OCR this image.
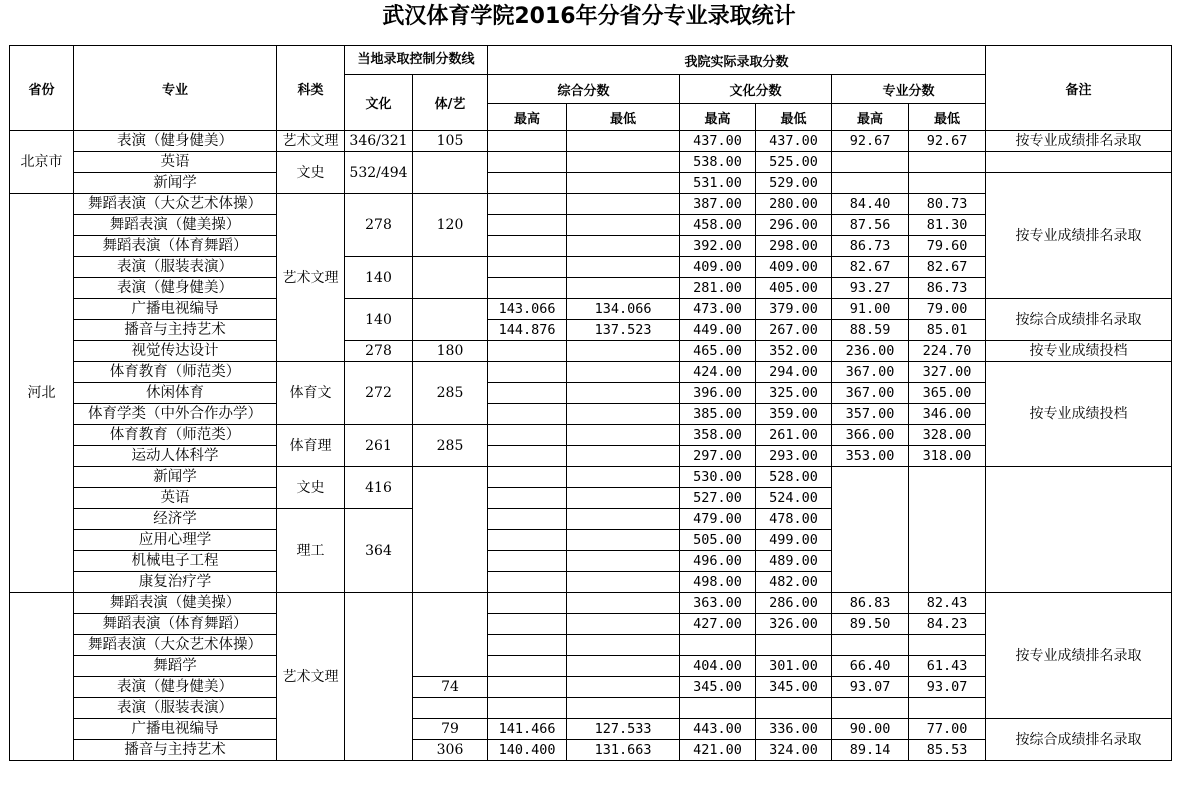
武汉体育学院2016年分省分专业录取统计
省份	专业	科类	当地录取控制分数线		我院实际录取分数						备注
			文化	体/艺	综合分数		文化分数		专业分数		
					最高	最低	最高	最低	最高	最低	
北京市	表演（健身健美）	艺术文理	346/321	105			437.00	437.00	92.67	92.67	按专业成绩排名录取
	英语	文史	532/494				538.00	525.00			
	新闻学						531.00	529.00			按专业成绩排名录取
河北	舞蹈表演（大众艺术体操）	艺术文理	278	120			387.00	280.00	84.40	80.73	
	舞蹈表演（健美操）						458.00	296.00	87.56	81.30	
	舞蹈表演（体育舞蹈）						392.00	298.00	86.73	79.60	
	表演（服装表演）		140				409.00	409.00	82.67	82.67	
	表演（健身健美）						281.00	405.00	93.27	86.73	
	广播电视编导		140		143.066	134.066	473.00	379.00	91.00	79.00	按综合成绩排名录取
	播音与主持艺术				144.876	137.523	449.00	267.00	88.59	85.01	
	视觉传达设计		278	180			465.00	352.00	236.00	224.70	按专业成绩投档
	体育教育（师范类）	体育文	272	285			424.00	294.00	367.00	327.00	按专业成绩投档
	休闲体育						396.00	325.00	367.00	365.00	
	体育学类（中外合作办学）						385.00	359.00	357.00	346.00	
	体育教育（师范类）	体育理	261	285			358.00	261.00	366.00	328.00	
	运动人体科学						297.00	293.00	353.00	318.00	
	新闻学	文史	416				530.00	528.00			
	英语						527.00	524.00			
	经济学	理工	364				479.00	478.00			
	应用心理学						505.00	499.00			
	机械电子工程						496.00	489.00			
	康复治疗学						498.00	482.00			
	舞蹈表演（健美操）	艺术文理					363.00	286.00	86.83	82.43	按专业成绩排名录取
	舞蹈表演（体育舞蹈）						427.00	326.00	89.50	84.23	
	舞蹈表演（大众艺术体操）										
	舞蹈学						404.00	301.00	66.40	61.43	
	表演（健身健美）			74			345.00	345.00	93.07	93.07	
	表演（服装表演）										
	广播电视编导			79	141.466	127.533	443.00	336.00	90.00	77.00	按综合成绩排名录取
	播音与主持艺术			306	140.400	131.663	421.00	324.00	89.14	85.53	
